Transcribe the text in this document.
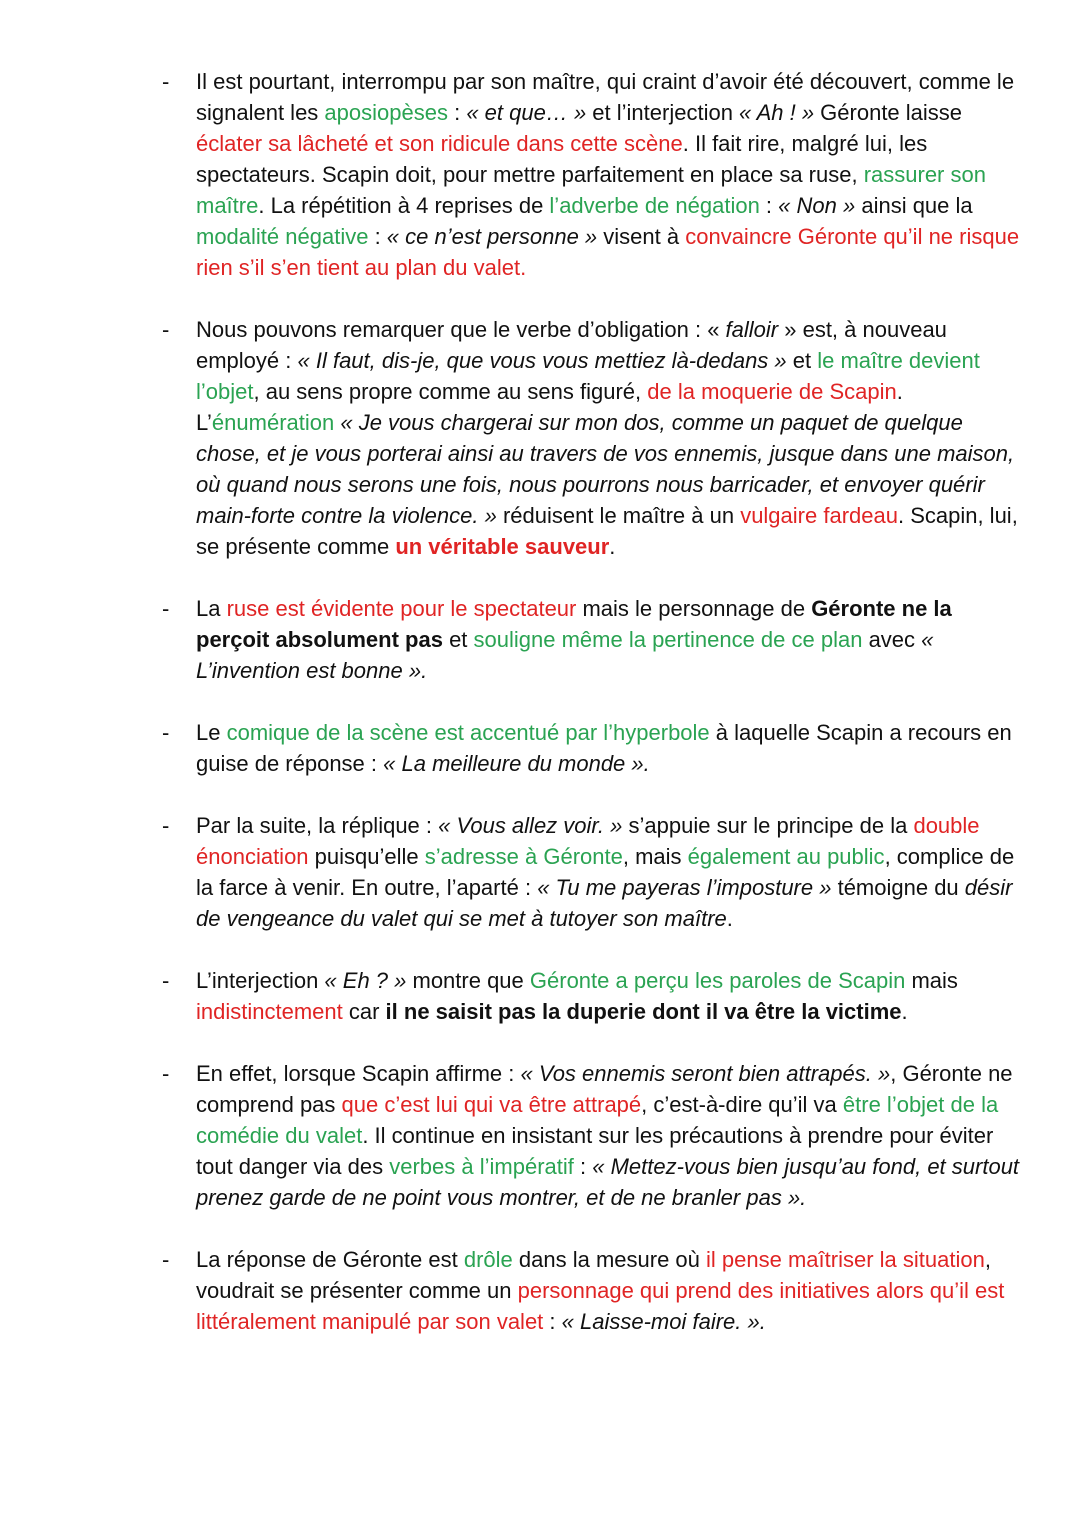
- Il est pourtant, interrompu par son maître, qui craint d’avoir été découvert, comme le signalent les aposiopèses : « et que… » et l’interjection « Ah ! » Géronte laisse éclater sa lâcheté et son ridicule dans cette scène. Il fait rire, malgré lui, les spectateurs. Scapin doit, pour mettre parfaitement en place sa ruse, rassurer son maître. La répétition à 4 reprises de l’adverbe de négation : « Non » ainsi que la modalité négative : « ce n’est personne » visent à convaincre Géronte qu’il ne risque rien s’il s’en tient au plan du valet.
- Nous pouvons remarquer que le verbe d’obligation : « falloir » est, à nouveau employé : « Il faut, dis-je, que vous vous mettiez là-dedans » et le maître devient l’objet, au sens propre comme au sens figuré, de la moquerie de Scapin. L’énumération « Je vous chargerai sur mon dos, comme un paquet de quelque chose, et je vous porterai ainsi au travers de vos ennemis, jusque dans une maison, où quand nous serons une fois, nous pourrons nous barricader, et envoyer quérir main-forte contre la violence. » réduisent le maître à un vulgaire fardeau. Scapin, lui, se présente comme un véritable sauveur.
- La ruse est évidente pour le spectateur mais le personnage de Géronte ne la perçoit absolument pas et souligne même la pertinence de ce plan avec « L’invention est bonne ».
- Le comique de la scène est accentué par l’hyperbole à laquelle Scapin a recours en guise de réponse : « La meilleure du monde ».
- Par la suite, la réplique : « Vous allez voir. » s’appuie sur le principe de la double énonciation puisqu’elle s’adresse à Géronte, mais également au public, complice de la farce à venir. En outre, l’aparté : « Tu me payeras l’imposture » témoigne du désir de vengeance du valet qui se met à tutoyer son maître.
- L’interjection « Eh ? » montre que Géronte a perçu les paroles de Scapin mais indistinctement car il ne saisit pas la duperie dont il va être la victime.
- En effet, lorsque Scapin affirme : « Vos ennemis seront bien attrapés. », Géronte ne comprend pas que c’est lui qui va être attrapé, c’est-à-dire qu’il va être l’objet de la comédie du valet. Il continue en insistant sur les précautions à prendre pour éviter tout danger via des verbes à l’impératif : « Mettez-vous bien jusqu’au fond, et surtout prenez garde de ne point vous montrer, et de ne branler pas ».
- La réponse de Géronte est drôle dans la mesure où il pense maîtriser la situation, voudrait se présenter comme un personnage qui prend des initiatives alors qu’il est littéralement manipulé par son valet : « Laisse-moi faire. ».
